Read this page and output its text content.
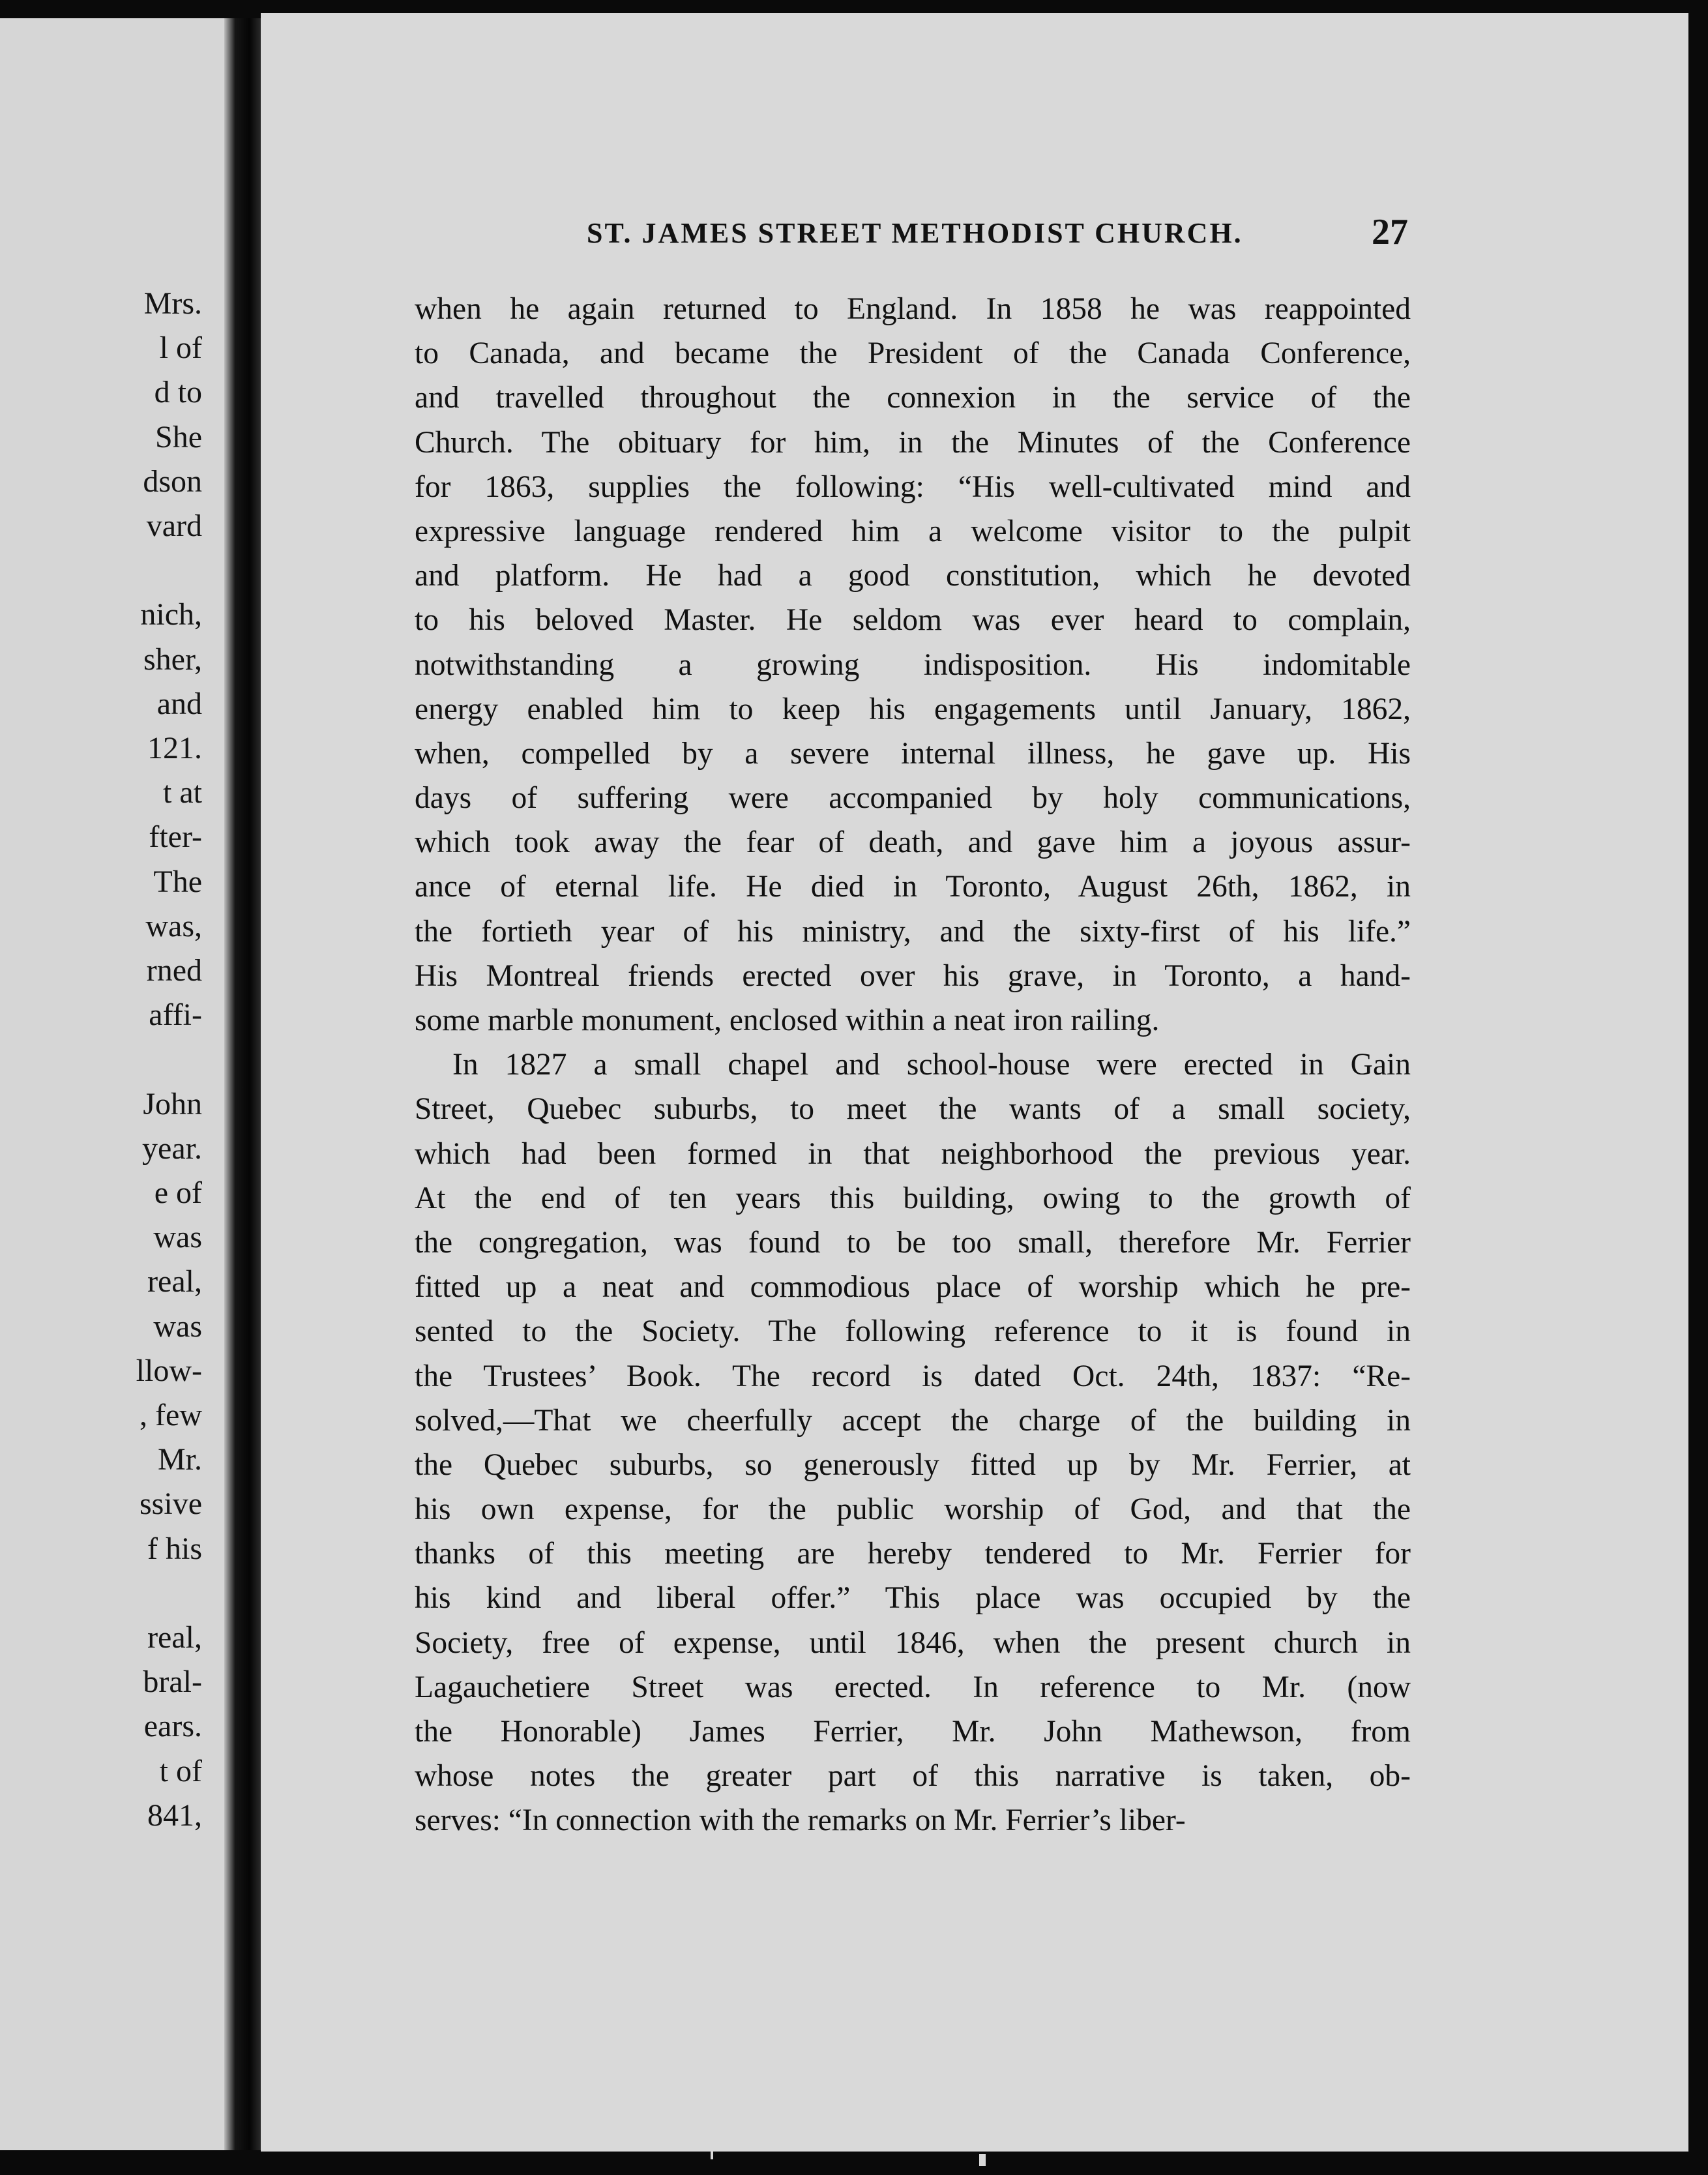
Mrs.
l of
d to
She
dson
vard
nich,
sher,
and
121.
t at
fter-
The
was,
rned
affi-
John
year.
e of
was
real,
was
llow-
, few
Mr.
ssive
f his
real,
bral-
ears.
t of
841,
ST. JAMES STREET METHODIST CHURCH.	27
when he again returned to England. In 1858 he was reappointed
to Canada, and became the President of the Canada Conference,
and travelled throughout the connexion in the service of the
Church. The obituary for him, in the Minutes of the Conference
for 1863, supplies the following: “His well-cultivated mind and
expressive language rendered him a welcome visitor to the pulpit
and platform. He had a good constitution, which he devoted
to his beloved Master. He seldom was ever heard to complain,
notwithstanding a growing indisposition. His indomitable
energy enabled him to keep his engagements until January, 1862,
when, compelled by a severe internal illness, he gave up. His
days of suffering were accompanied by holy communications,
which took away the fear of death, and gave him a joyous assur-
ance of eternal life. He died in Toronto, August 26th, 1862, in
the fortieth year of his ministry, and the sixty-first of his life.”
His Montreal friends erected over his grave, in Toronto, a hand-
some marble monument, enclosed within a neat iron railing.
In 1827 a small chapel and school-house were erected in Gain
Street, Quebec suburbs, to meet the wants of a small society,
which had been formed in that neighborhood the previous year.
At the end of ten years this building, owing to the growth of
the congregation, was found to be too small, therefore Mr. Ferrier
fitted up a neat and commodious place of worship which he pre-
sented to the Society. The following reference to it is found in
the Trustees’ Book. The record is dated Oct. 24th, 1837: “Re-
solved,—That we cheerfully accept the charge of the building in
the Quebec suburbs, so generously fitted up by Mr. Ferrier, at
his own expense, for the public worship of God, and that the
thanks of this meeting are hereby tendered to Mr. Ferrier for
his kind and liberal offer.” This place was occupied by the
Society, free of expense, until 1846, when the present church in
Lagauchetiere Street was erected. In reference to Mr. (now
the Honorable) James Ferrier, Mr. John Mathewson, from
whose notes the greater part of this narrative is taken, ob-
serves: “In connection with the remarks on Mr. Ferrier’s liber-
